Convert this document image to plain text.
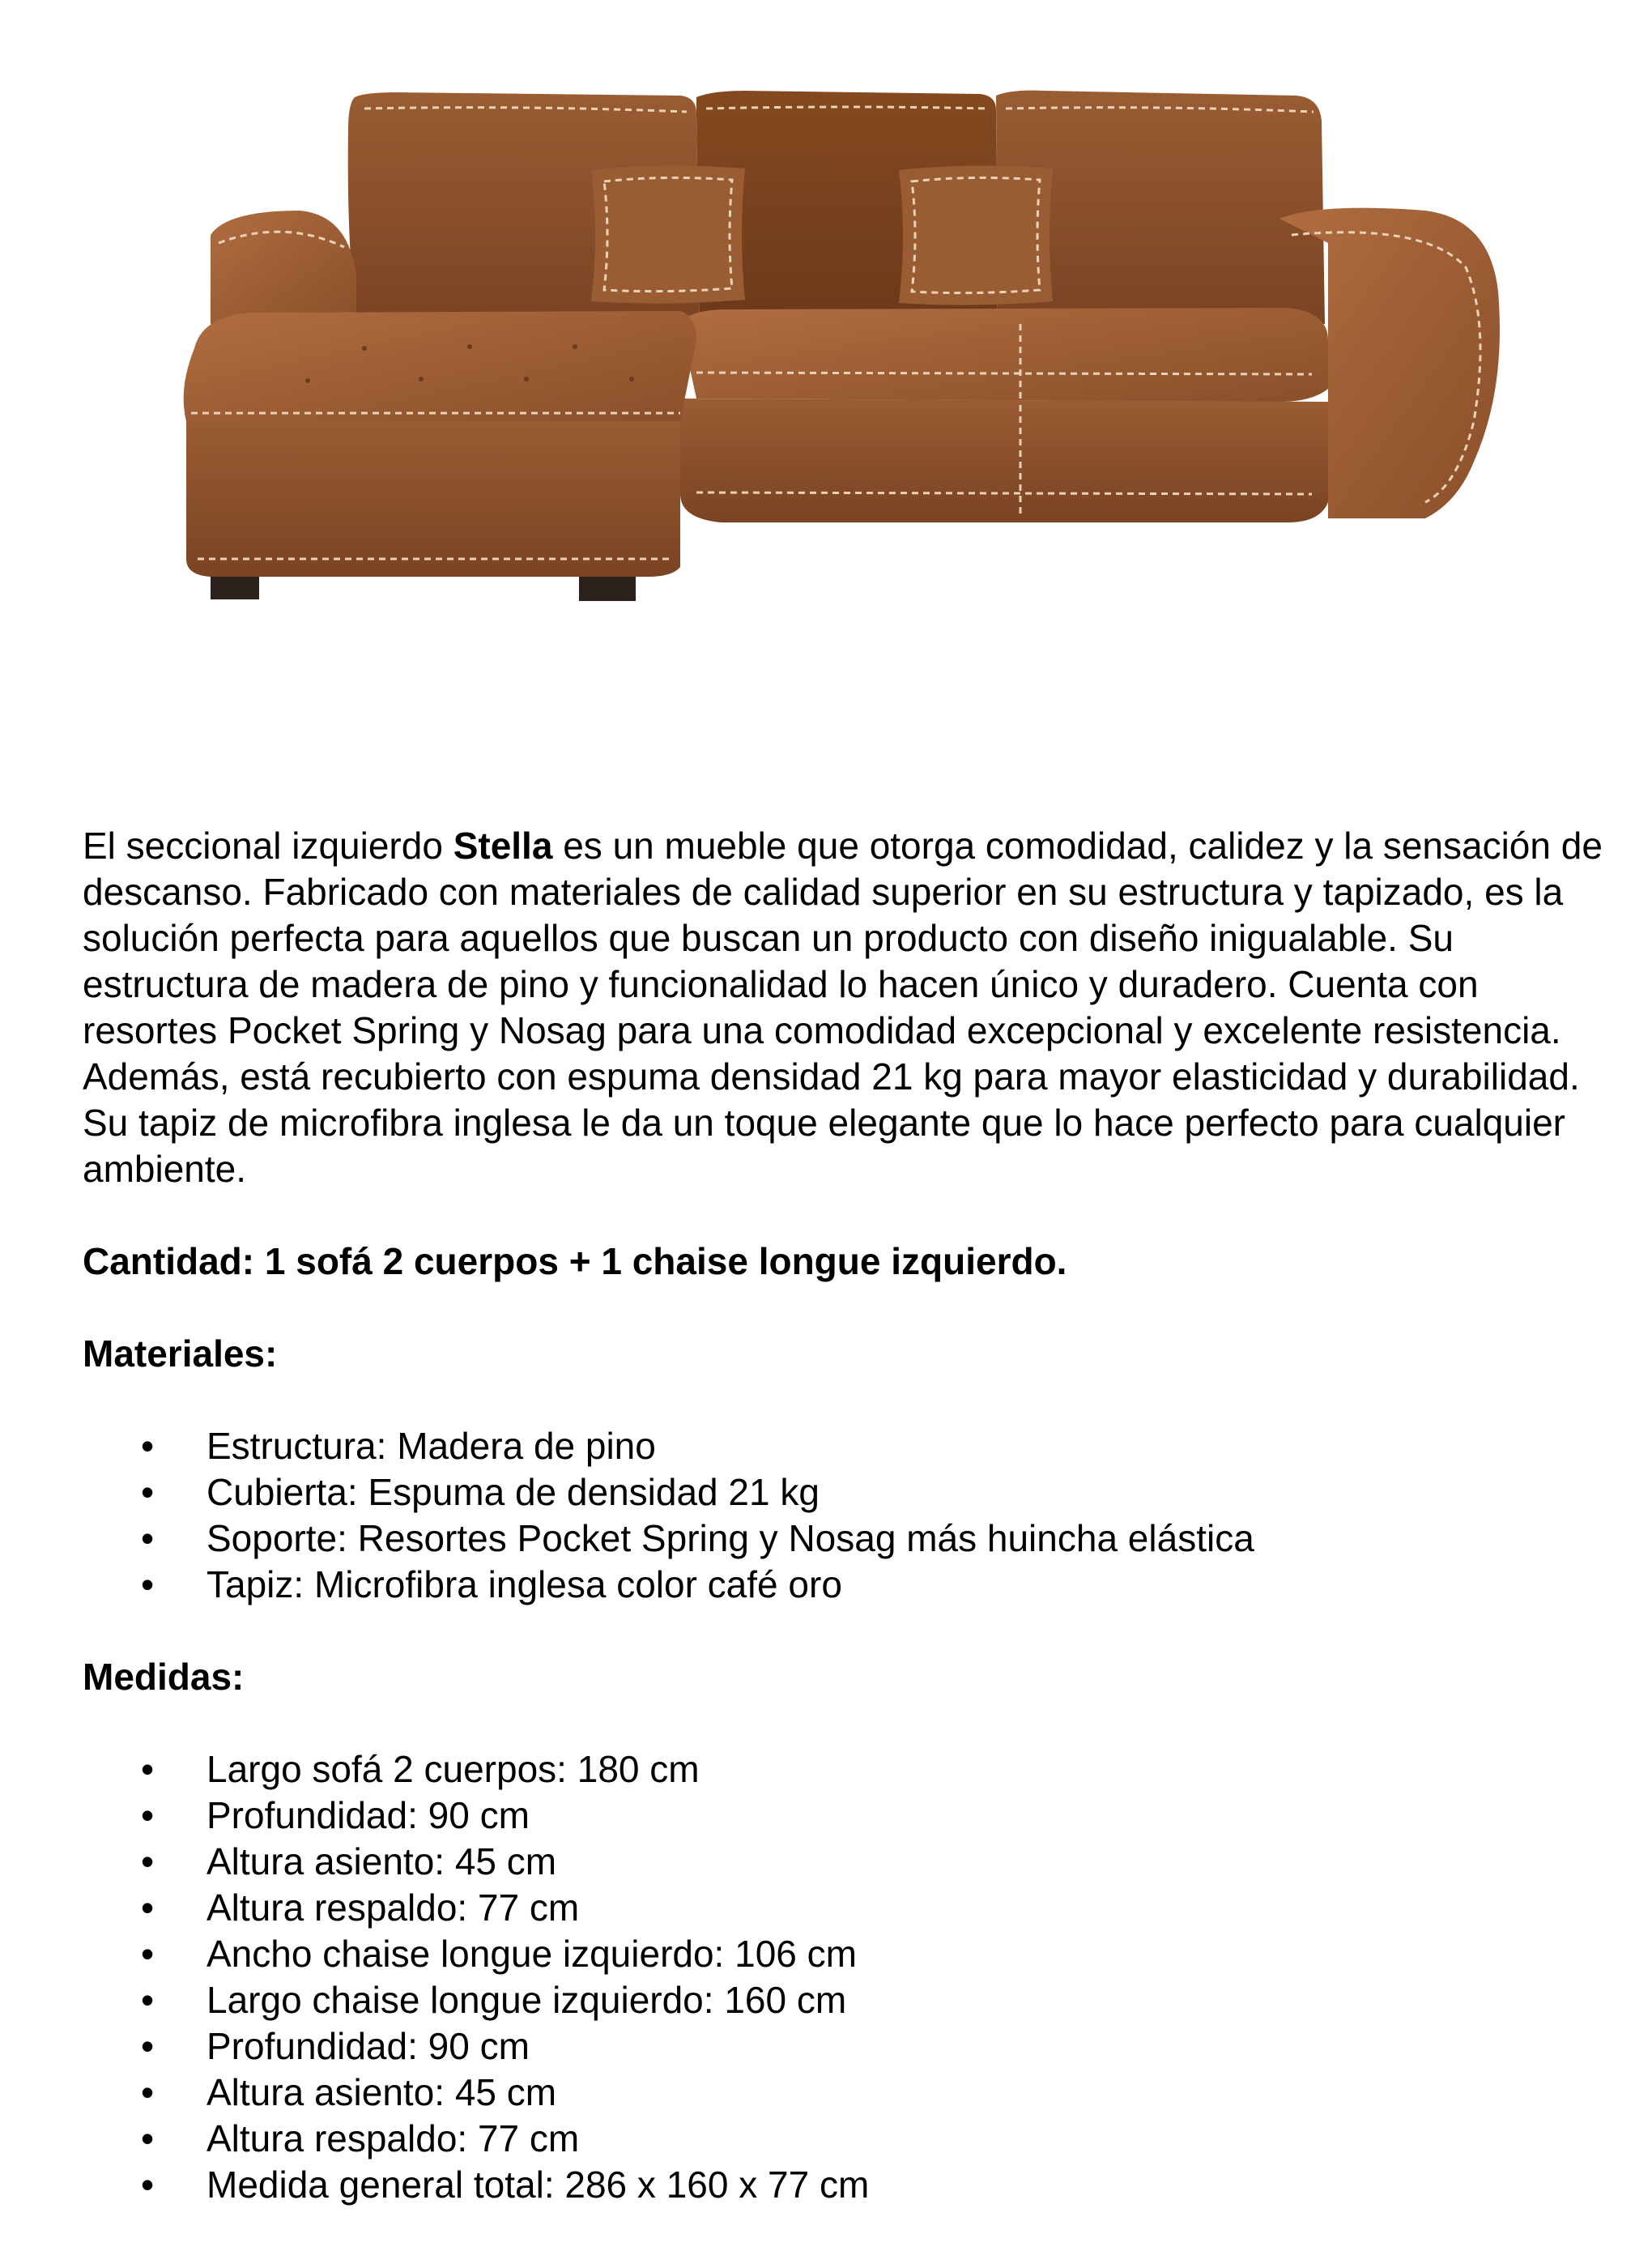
El seccional izquierdo Stella es un mueble que otorga comodidad, calidez y la sensación de descanso. Fabricado con materiales de calidad superior en su estructura y tapizado, es la solución perfecta para aquellos que buscan un producto con diseño inigualable. Su estructura de madera de pino y funcionalidad lo hacen único y duradero. Cuenta con resortes Pocket Spring y Nosag para una comodidad excepcional y excelente resistencia. Además, está recubierto con espuma densidad 21 kg para mayor elasticidad y durabilidad. Su tapiz de microfibra inglesa le da un toque elegante que lo hace perfecto para cualquier ambiente.

Cantidad: 1 sofá 2 cuerpos + 1 chaise longue izquierdo.

Materiales:

• Estructura: Madera de pino
• Cubierta: Espuma de densidad 21 kg
• Soporte: Resortes Pocket Spring y Nosag más huincha elástica
• Tapiz: Microfibra inglesa color café oro

Medidas:

• Largo sofá 2 cuerpos: 180 cm
• Profundidad: 90 cm
• Altura asiento: 45 cm
• Altura respaldo: 77 cm
• Ancho chaise longue izquierdo: 106 cm
• Largo chaise longue izquierdo: 160 cm
• Profundidad: 90 cm
• Altura asiento: 45 cm
• Altura respaldo: 77 cm
• Medida general total: 286 x 160 x 77 cm
